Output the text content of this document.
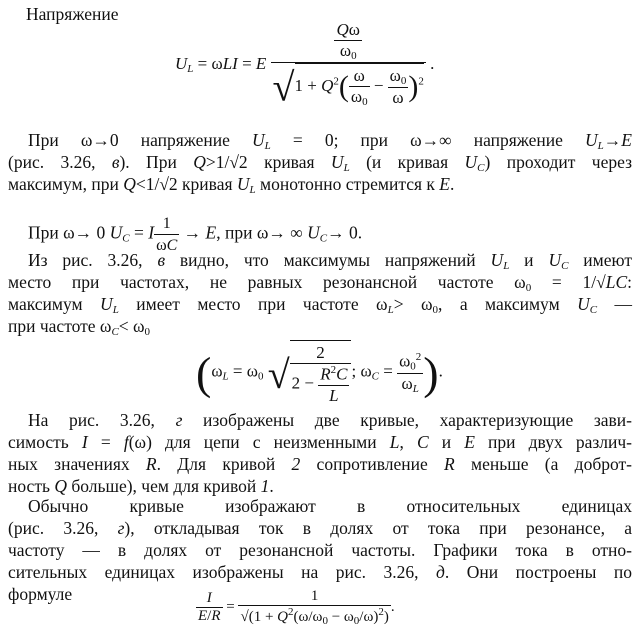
Напряжение
$U_L = \omega LI = E \frac{\frac{Q\omega}{\omega_0}}{√1 + Q^2( \frac{\omega}{\omega_0} - \frac{\omega_0}{\omega} )^2}$ .
При ω→0 напряжение $U_L = 0$; при ω→∞ напряжение $U_L\to E$
(рис. 3.26, в). При Q>1/√2 кривая $U_L$ (и кривая $U_C$) проходит через
максимум, при Q<1/√2 кривая $U_L$ монотонно стремится к E.
При ω→ 0 $U_C = I \frac{1}{\omega C} \to E$, при ω→ ∞ $U_C\to 0$.
Из рис. 3.26, в видно, что максимумы напряжений $U_L$ и $U_C$ имеют
место при частотах, не равных резонансной частоте $\omega_0 = 1/√LC$:
максимум $U_L$ имеет место при частоте $\omega_L> \omega_0$, а максимум $U_C$ —
при частоте $\omega_C< \omega_0$
($\omega_L = \omega_0$ √ $\frac{2}{2 - \frac{R^2C}{L}}$ ; $\omega_C = \frac{\omega_0^2}{\omega_L}$ ).
На рис. 3.26, г изображены две кривые, характеризующие зави-
симость I = f(ω) для цепи с неизменными L, C и E при двух различ-
ных значениях R. Для кривой 2 сопротивление R меньше (а доброт-
ность Q больше), чем для кривой 1.
Обычно кривые изображают в относительных единицах
(рис. 3.26, г), откладывая ток в долях от тока при резонансе, а
частоту — в долях от резонансной частоты. Графики тока в отно-
сительных единицах изображены на рис. 3.26, д. Они построены по
формуле	$\frac{I}{E/R} = \frac{1}{√(1 + Q^2(\omega/\omega_0 - \omega_0/\omega)^2)}$ .
